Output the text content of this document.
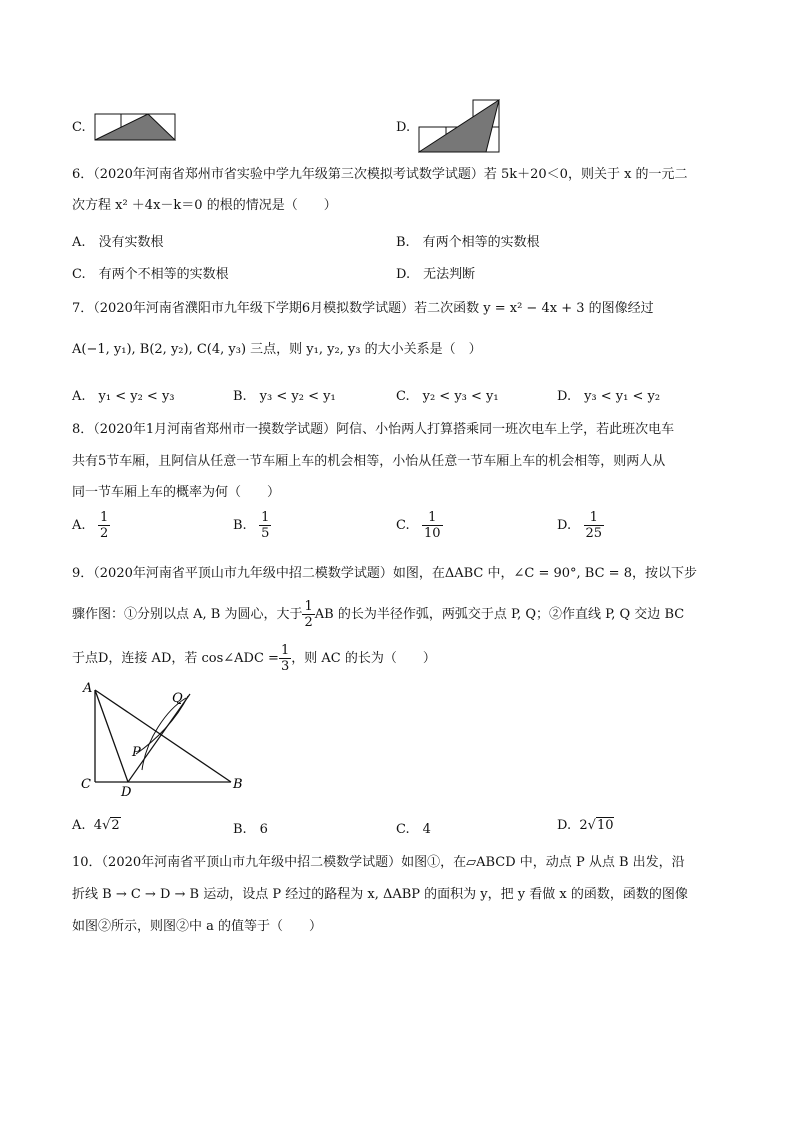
C.	D.
6．（2020年河南省郑州市省实验中学九年级第三次模拟考试数学试题）若 5k＋20＜0，则关于 x 的一元二
次方程 x² ＋4x－k＝0 的根的情况是（　　）
A.　没有实数根	B.　有两个相等的实数根
C.　有两个不相等的实数根	D.　无法判断
7．（2020年河南省濮阳市九年级下学期6月模拟数学试题）若二次函数 y = x² − 4x + 3 的图像经过
A(−1, y₁), B(2, y₂), C(4, y₃) 三点，则 y₁, y₂, y₃ 的大小关系是（　）
A.　y₁ < y₂ < y₃	B.　y₃ < y₂ < y₁	C.　y₂ < y₃ < y₁	D.　y₃ < y₁ < y₂
8．（2020年1月河南省郑州市一摸数学试题）阿信、小怡两人打算搭乘同一班次电车上学，若此班次电车
共有5节车厢，且阿信从任意一节车厢上车的机会相等，小怡从任意一节车厢上车的机会相等，则两人从
同一节车厢上车的概率为何（　　）
A. $\frac{1}{2}$	B. $\frac{1}{5}$	C. $\frac{1}{10}$	D. $\frac{1}{25}$
9．（2020年河南省平顶山市九年级中招二模数学试题）如图，在ΔABC 中，∠C = 90°, BC = 8，按以下步
骤作图：①分别以点 A, B 为圆心，大于 $\frac{1}{2}$ AB 的长为半径作弧，两弧交于点 P, Q；②作直线 P, Q 交边 BC
于点D，连接 AD，若 cos∠ADC = $\frac{1}{3}$ ，则 AC 的长为（　　）
A
B
C
D
P
Q
A. 4√2	B.　6	C.　4	D. 2√10
10．（2020年河南省平顶山市九年级中招二模数学试题）如图①，在▱ABCD 中，动点 P 从点 B 出发，沿
折线 B → C → D → B 运动，设点 P 经过的路程为 x, ΔABP 的面积为 y，把 y 看做 x 的函数，函数的图像
如图②所示，则图②中 a 的值等于（　　）
